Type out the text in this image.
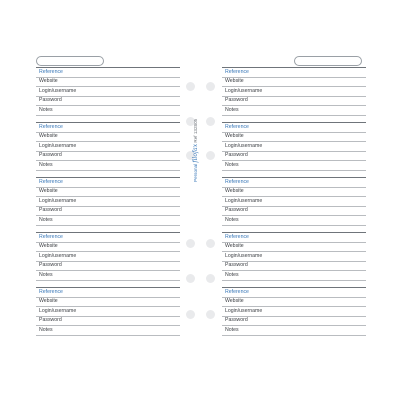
Reference
Website
Login/username
Password
Notes
Reference
Website
Login/username
Password
Notes
Reference
Website
Login/username
Password
Notes
Reference
Website
Login/username
Password
Notes
Reference
Website
Login/username
Password
Notes
Reference
Website
Login/username
Password
Notes
Reference
Website
Login/username
Password
Notes
Reference
Website
Login/username
Password
Notes
Reference
Website
Login/username
Password
Notes
Reference
Website
Login/username
Password
Notes
Personal filofax Ref 132805
